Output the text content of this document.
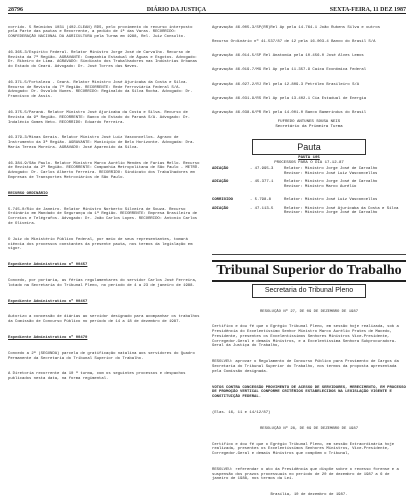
28796	DIÁRIO DA JUSTIÇA	SEXTA-FEIRA, 11 DEZ 1987

corrido. 5 Reúnidos 1031 (402-CLEAN) RDS, pelo provimento do recurso interposto pela Parte das pautas e Recorrente, a pedido de 1ª das Varas. RECORRIDO: CONFEDERAÇÃO NACIONAL DA AGRICULTURA pela Turma em 1988, Rel. Juiz Consulto.

46.365-3/Espírito Federal. Relator Ministro Jorge José de Carvalho. Recurso de Revista da 7ª Região. AGRAVANTE: Companhia Estadual de Águas e Esgotos. Advogado: Dr. Ribeiro de Lima. AGRAVADO: Sindicato dos Trabalhadores nas Indústrias Urbanas do Estado do Ceará. Advogado: Dr. José Torres das Neves.

46.371-5/Fortaleza - Ceará. Relator Ministro José Ajuricaba da Costa e Silva. Recurso de Revista da 7ª Região. RECORRENTE: Rede Ferroviária Federal S/A. Advogado: Dr. Osvaldo Nunes. RECORRIDO: Reginaldo da Silva Rocha. Advogado: Dr. Francisco de Assis.

46.375-5/Paraná. Relator Ministro José Ajuricaba da Costa e Silva. Recurso de Revista da 9ª Região. RECORRENTE: Banco do Estado do Paraná S/A. Advogado: Dr. Indalécio Gomes Neto. RECORRIDO: Eduardo Ferreira.

46.379-3/Minas Gerais. Relator Ministro José Luiz Vasconcellos. Agravo de Instrumento da 3ª Região. AGRAVANTE: Município de Belo Horizonte. Advogada: Dra. Maria Tereza Moreira. AGRAVADO: José Aparecido da Silva.

46.384-9/São Paulo. Relator Ministro Marco Aurélio Mendes de Farias Mello. Recurso de Revista da 2ª Região. RECORRENTE: Companhia Metropolitana de São Paulo - METRÔ. Advogado: Dr. Carlos Alberto Ferreira. RECORRIDO: Sindicato dos Trabalhadores em Empresas de Transportes Metroviários de São Paulo.

RECURSO ORDINÁRIO

5.745-0/Rio de Janeiro. Relator Ministro Norberto Silveira de Souza. Recurso Ordinário em Mandado de Segurança da 1ª Região. RECORRENTE: Empresa Brasileira de Correios e Telégrafos. Advogado: Dr. João Carlos Lopes. RECORRIDO: Antonio Carlos de Oliveira.

O Juiz do Ministério Público Federal, por meio de seus representantes, tomará ciência dos processos constantes da presente pauta, nos termos da legislação em vigor.

Expediente Administrativo nº 00457

Concedo, por portaria, as férias regulamentares do servidor Carlos José Ferreira, lotado na Secretaria do Tribunal Pleno, no período de 4 a 23 de janeiro de 1988.

Expediente Administrativo nº 00467

Autorizo a concessão de diárias ao servidor designado para acompanhar os trabalhos da Comissão de Concurso Público no período de 14 a 18 de dezembro de 1987.

Expediente Administrativo nº 00470

Concedo a 2ª (SEGUNDA) parcela de gratificação natalina aos servidores do Quadro Permanente da Secretaria do Tribunal Superior do Trabalho.

A Diretoria recorrente da 10 ª turma, com os seguintes processos e despachos publicados nesta data, na forma regimental.

Agravação 46.005-3/SP(RR)Rel Ap pela 14.764-1 João Rubens Silva e outros

Recurso Ordinário nº 41.537/87 de 12 pela 16.003-4 Banco do Brasil S/A

Agravação 46.014-5/SP Rel Anatomia pela 10.456-0 José Alves Lemos

Agravação 46.019-7/MG Rel Ap pela 11.357-9 Caixa Econômica Federal

Agravação 46.027-2/RJ Rel pela 12.809-3 Petróleo Brasileiro S/A

Agravação 46.031-9/RS Rel Ap pela 13.402-1 Cia Estadual de Energia

Agravação 46.038-6/PR Rel pela 14.001-0 Banco Bamerindus do Brasil

FUFREDO ANTUNES SOUSA NEIS
Secretário da Primeira Turma
Pauta
PAUTA 105
PROCESSOS PARA O DIA 17-12-87
ADIAÇÃO	- 47.995-3	Relator: Ministro Jorge José de Carvalho
Revisor: Ministro José Luiz Vasconcellos
ADIAÇÃO	- 45.377-1	Relator: Ministro Jorge José de Carvalho
Revisor: Ministro Marco Aurélio
CORRIGIDO	- 5.798-8	Relator: Ministro José Luiz Vasconcellos
ADIAÇÃO	- 47.113-5	Relator: Ministro José Ajuricaba da Costa e Silva
Revisor: Ministro Jorge José de Carvalho
Tribunal Superior do Trabalho
Secretaria do Tribunal Pleno

RESOLUÇÃO Nº 27, DE 09 DE DEZEMBRO DE 1987

Certifico e dou fé que o Egrégio Tribunal Pleno, em sessão hoje realizada, sob a Presidência do Excelentíssimo Senhor Ministro Marco Aurélio Prates de Macedo, Presidente, presentes os Excelentíssimos Senhores Ministros Vice-Presidente, Corregedor-Geral e demais Ministros, e a Excelentíssima Senhora Subprocuradora-Geral da Justiça do Trabalho,

RESOLVEU: aprovar o Regulamento de Concurso Público para Provimento de Cargos da Secretaria do Tribunal Superior do Trabalho, nos termos da proposta apresentada pela Comissão designada.

VOTOS CONTRA CONCESSÃO PROVIMENTO DE ACESSO DE SERVIDORES, MERECIMENTO, EM PROCESSO DE PROMOÇÃO VERTICAL CONFORME CRITÉRIOS ESTABELECIDOS NA LEGISLAÇÃO VIGENTE E CONSTITUIÇÃO FEDERAL.

(Elas. 16, 11 e 14/12/87)

RESOLUÇÃO Nº 28, DE 09 DE DEZEMBRO DE 1987

Certifico e dou fé que o Egrégio Tribunal Pleno, em sessão Extraordinária hoje realizada, presentes os Excelentíssimos Senhores Ministros, Vice-Presidente, Corregedor-Geral e demais Ministros que compõem o Tribunal,

RESOLVEU: referendar o ato da Presidência que dispõe sobre o recesso forense e a suspensão dos prazos processuais no período de 20 de dezembro de 1987 a 6 de janeiro de 1988, nos termos da Lei.

Brasília, 10 de dezembro de 1987.
